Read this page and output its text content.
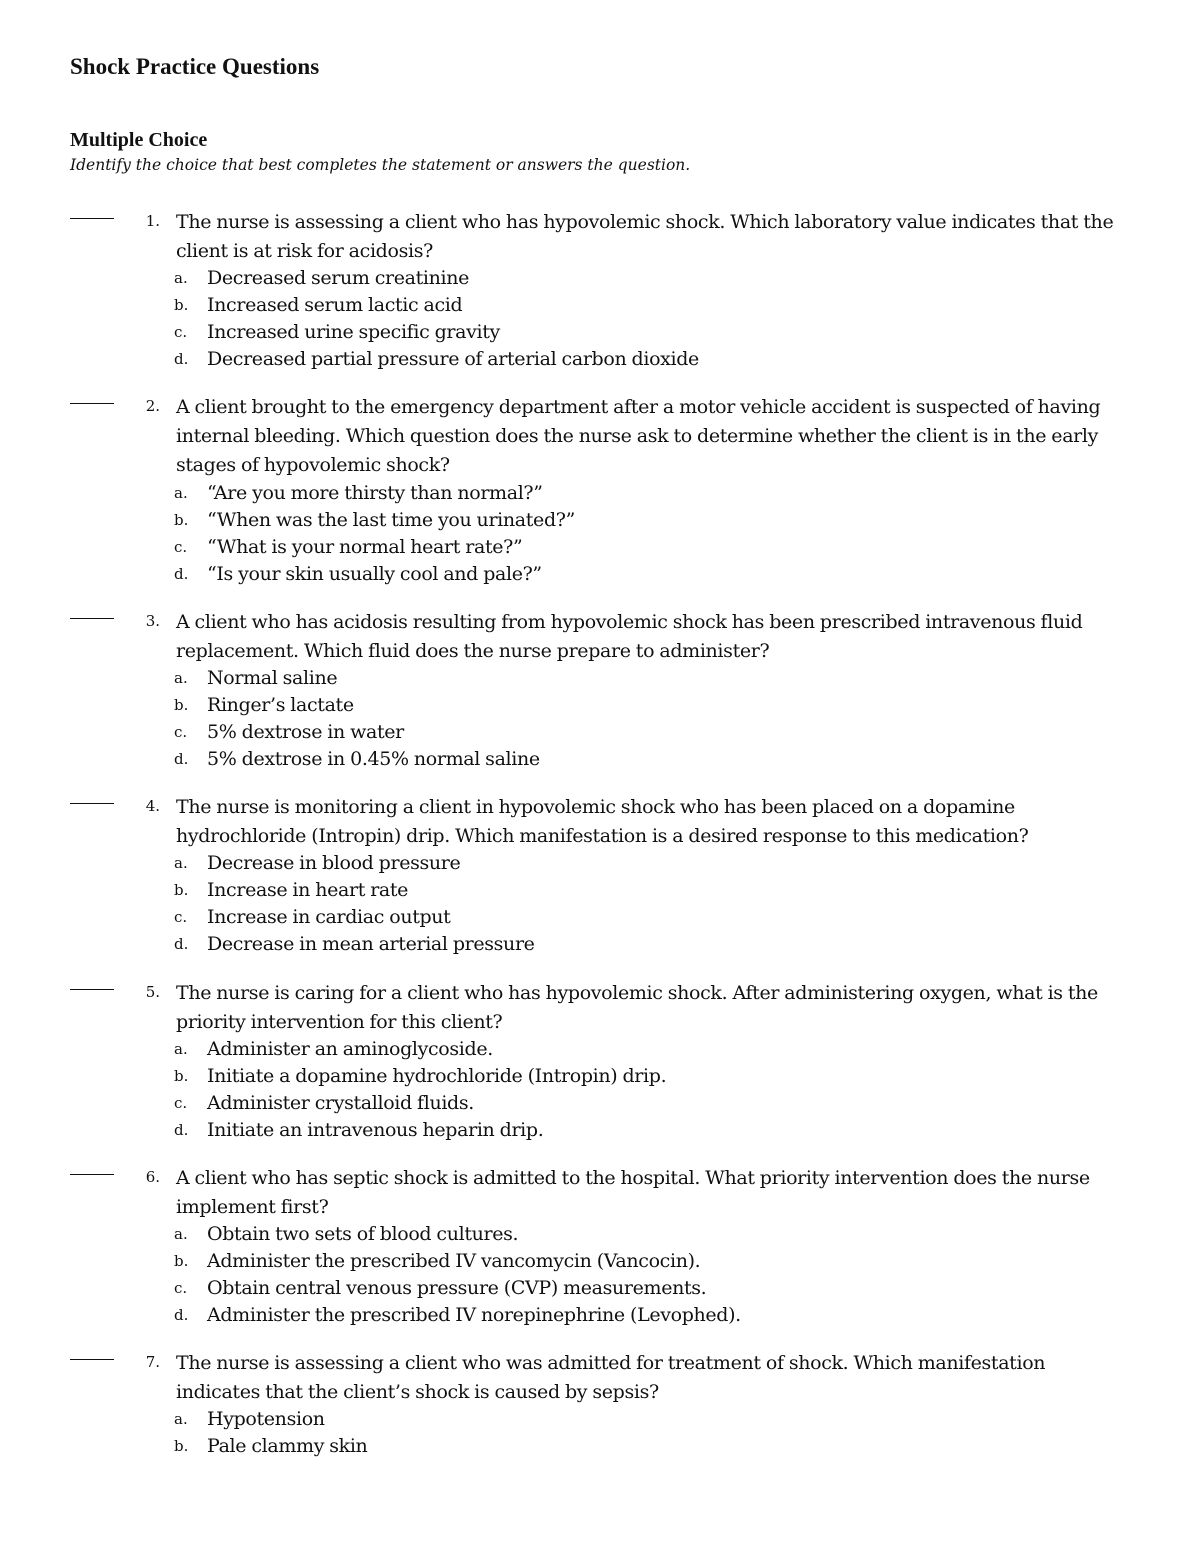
Shock Practice Questions
Multiple Choice

Identify the choice that best completes the statement or answers the question.

1. The nurse is assessing a client who has hypovolemic shock. Which laboratory value indicates that the client is at risk for acidosis?

a. Decreased serum creatinine
b. Increased serum lactic acid
c. Increased urine specific gravity
d. Decreased partial pressure of arterial carbon dioxide
2. A client brought to the emergency department after a motor vehicle accident is suspected of having internal bleeding. Which question does the nurse ask to determine whether the client is in the early stages of hypovolemic shock?

a. “Are you more thirsty than normal?”
b. “When was the last time you urinated?”
c. “What is your normal heart rate?”
d. “Is your skin usually cool and pale?”
3. A client who has acidosis resulting from hypovolemic shock has been prescribed intravenous fluid replacement. Which fluid does the nurse prepare to administer?

a. Normal saline
b. Ringer’s lactate
c. 5% dextrose in water
d. 5% dextrose in 0.45% normal saline
4. The nurse is monitoring a client in hypovolemic shock who has been placed on a dopamine hydrochloride (Intropin) drip. Which manifestation is a desired response to this medication?

a. Decrease in blood pressure
b. Increase in heart rate
c. Increase in cardiac output
d. Decrease in mean arterial pressure
5. The nurse is caring for a client who has hypovolemic shock. After administering oxygen, what is the priority intervention for this client?

a. Administer an aminoglycoside.
b. Initiate a dopamine hydrochloride (Intropin) drip.
c. Administer crystalloid fluids.
d. Initiate an intravenous heparin drip.
6. A client who has septic shock is admitted to the hospital. What priority intervention does the nurse implement first?

a. Obtain two sets of blood cultures.
b. Administer the prescribed IV vancomycin (Vancocin).
c. Obtain central venous pressure (CVP) measurements.
d. Administer the prescribed IV norepinephrine (Levophed).
7. The nurse is assessing a client who was admitted for treatment of shock. Which manifestation indicates that the client’s shock is caused by sepsis?

a. Hypotension
b. Pale clammy skin
